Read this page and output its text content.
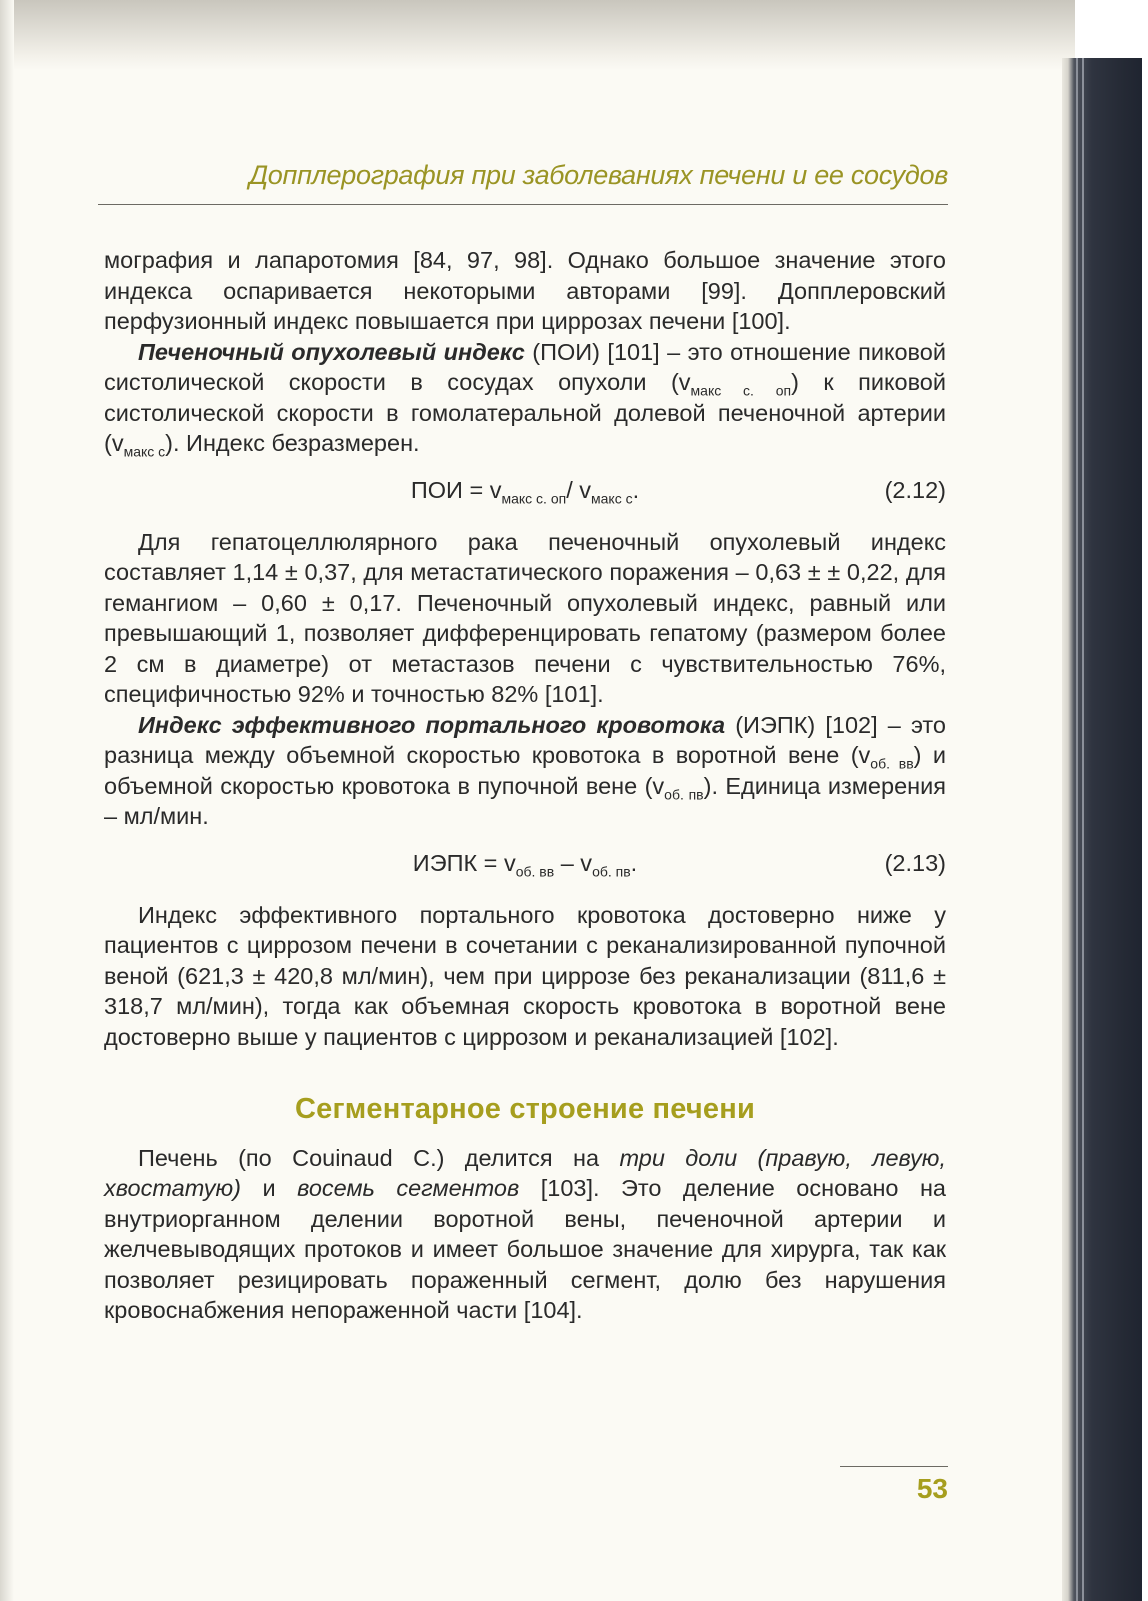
Допплерография при заболеваниях печени и ее сосудов

мография и лапаротомия [84, 97, 98]. Однако большое значение этого индекса оспаривается некоторыми авторами [99]. Допплеровский перфузионный индекс повышается при циррозах печени [100].

Печеночный опухолевый индекс (ПОИ) [101] – это отношение пиковой систолической скорости в сосудах опухоли $(v_{макс с. оп})$ к пиковой систолической скорости в гомолатеральной долевой печеночной артерии $(v_{макс с})$. Индекс безразмерен.

ПОИ = $v_{макс с. оп}/$ $v_{макс с}$.	(2.12)

Для гепатоцеллюлярного рака печеночный опухолевый индекс составляет 1,14 ± 0,37, для метастатического поражения – 0,63 ± ± 0,22, для гемангиом – 0,60 ± 0,17. Печеночный опухолевый индекс, равный или превышающий 1, позволяет дифференцировать гепатому (размером более 2 см в диаметре) от метастазов печени с чувствительностью 76%, специфичностью 92% и точностью 82% [101].

Индекс эффективного портального кровотока (ИЭПК) [102] – это разница между объемной скоростью кровотока в воротной вене $(v_{об. вв})$ и объемной скоростью кровотока в пупочной вене $(v_{об. пв})$. Единица измерения – мл/мин.

ИЭПК = $v_{об. вв} - v_{об. пв}$.	(2.13)

Индекс эффективного портального кровотока достоверно ниже у пациентов с циррозом печени в сочетании с реканализированной пупочной веной (621,3 ± 420,8 мл/мин), чем при циррозе без реканализации (811,6 ± 318,7 мл/мин), тогда как объемная скорость кровотока в воротной вене достоверно выше у пациентов с циррозом и реканализацией [102].

Сегментарное строение печени

Печень (по Couinaud C.) делится на три доли (правую, левую, хвостатую) и восемь сегментов [103]. Это деление основано на внутриорганном делении воротной вены, печеночной артерии и желчевыводящих протоков и имеет большое значение для хирурга, так как позволяет резицировать пораженный сегмент, долю без нарушения кровоснабжения непораженной части [104].

53
